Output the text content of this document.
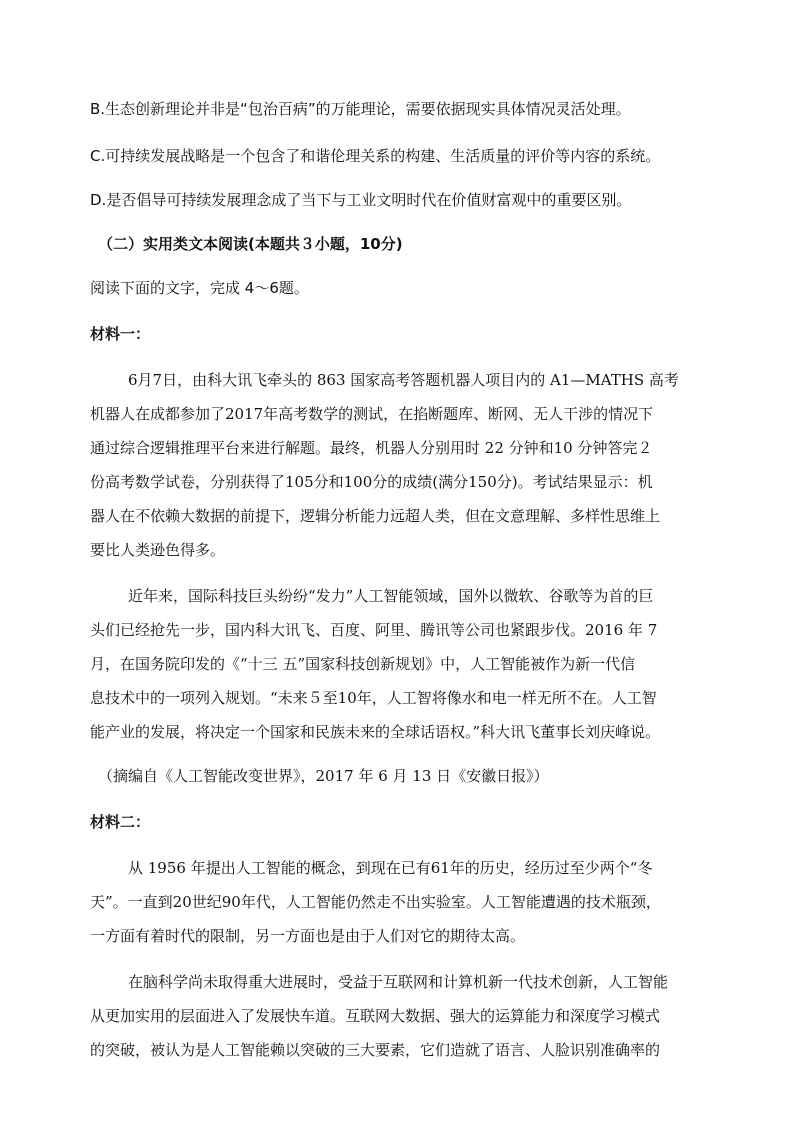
B.生态创新理论并非是“包治百病”的万能理论，需要依据现实具体情况灵活处理。
C.可持续发展战略是一个包含了和谐伦理关系的构建、生活质量的评价等内容的系统。
D.是否倡导可持续发展理念成了当下与工业文明时代在价值财富观中的重要区别。
（二）实用类文本阅读(本题共３小题，10分)
阅读下面的文字，完成 4～6题。
材料一：
6月7日，由科大讯飞牵头的 863 国家高考答题机器人项目内的 A1—MATHS 高考
机器人在成都参加了2017年高考数学的测试，在掐断题库、断网、无人干涉的情况下
通过综合逻辑推理平台来进行解题。最终，机器人分别用时 22 分钟和10 分钟答完２
份高考数学试卷，分别获得了105分和100分的成绩(满分150分)。考试结果显示：机
器人在不依赖大数据的前提下，逻辑分析能力远超人类，但在文意理解、多样性思维上
要比人类逊色得多。
近年来，国际科技巨头纷纷“发力”人工智能领域，国外以微软、谷歌等为首的巨
头们已经抢先一步，国内科大讯飞、百度、阿里、腾讯等公司也紧跟步伐。2016 年 7
月，在国务院印发的《“十三 五”国家科技创新规划》中，人工智能被作为新一代信
息技术中的一项列入规划。“未来５至10年，人工智将像水和电一样无所不在。人工智
能产业的发展，将决定一个国家和民族未来的全球话语权。”科大讯飞董事长刘庆峰说。
（摘编自《人工智能改变世界》，2017 年 6 月 13 日《安徽日报》）
材料二：
从 1956 年提出人工智能的概念，到现在已有61年的历史，经历过至少两个“冬
天”。一直到20世纪90年代，人工智能仍然走不出实验室。人工智能遭遇的技术瓶颈，
一方面有着时代的限制，另一方面也是由于人们对它的期待太高。
在脑科学尚未取得重大进展时，受益于互联网和计算机新一代技术创新，人工智能
从更加实用的层面进入了发展快车道。互联网大数据、强大的运算能力和深度学习模式
的突破，被认为是人工智能赖以突破的三大要素，它们造就了语言、人脸识别准确率的
